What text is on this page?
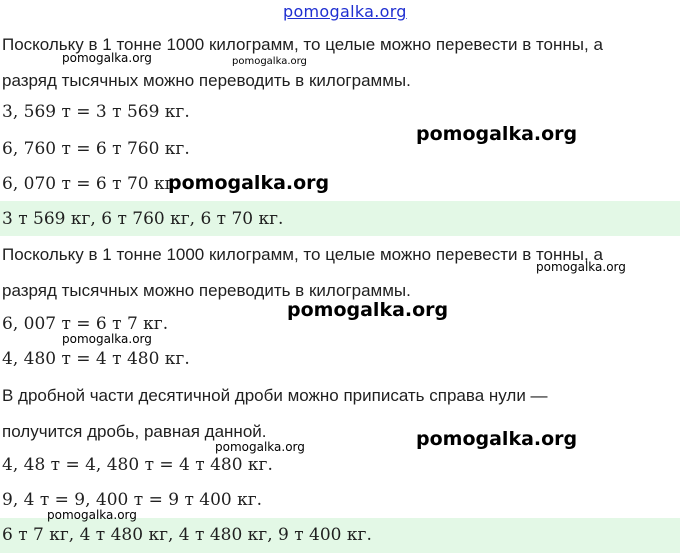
pomogalka.org
Поскольку в 1 тонне 1000 килограмм, то целые можно перевести в тонны, а
разряд тысячных можно переводить в килограммы.
3, 569 т = 3 т 569 кг.
6, 760 т = 6 т 760 кг.
6, 070 т = 6 т 70 кг.
3 т 569 кг, 6 т 760 кг, 6 т 70 кг.
Поскольку в 1 тонне 1000 килограмм, то целые можно перевести в тонны, а
разряд тысячных можно переводить в килограммы.
6, 007 т = 6 т 7 кг.
4, 480 т = 4 т 480 кг.
В дробной части десятичной дроби можно приписать справа нули —
получится дробь, равная данной.
4, 48 т = 4, 480 т = 4 т 480 кг.
9, 4 т = 9, 400 т = 9 т 400 кг.
6 т 7 кг, 4 т 480 кг, 4 т 480 кг, 9 т 400 кг.
pomogalka.org	pomogalka.org
pomogalka.org
pomogalka.org
pomogalka.org
pomogalka.org
pomogalka.org
pomogalka.org
pomogalka.org
pomogalka.org
